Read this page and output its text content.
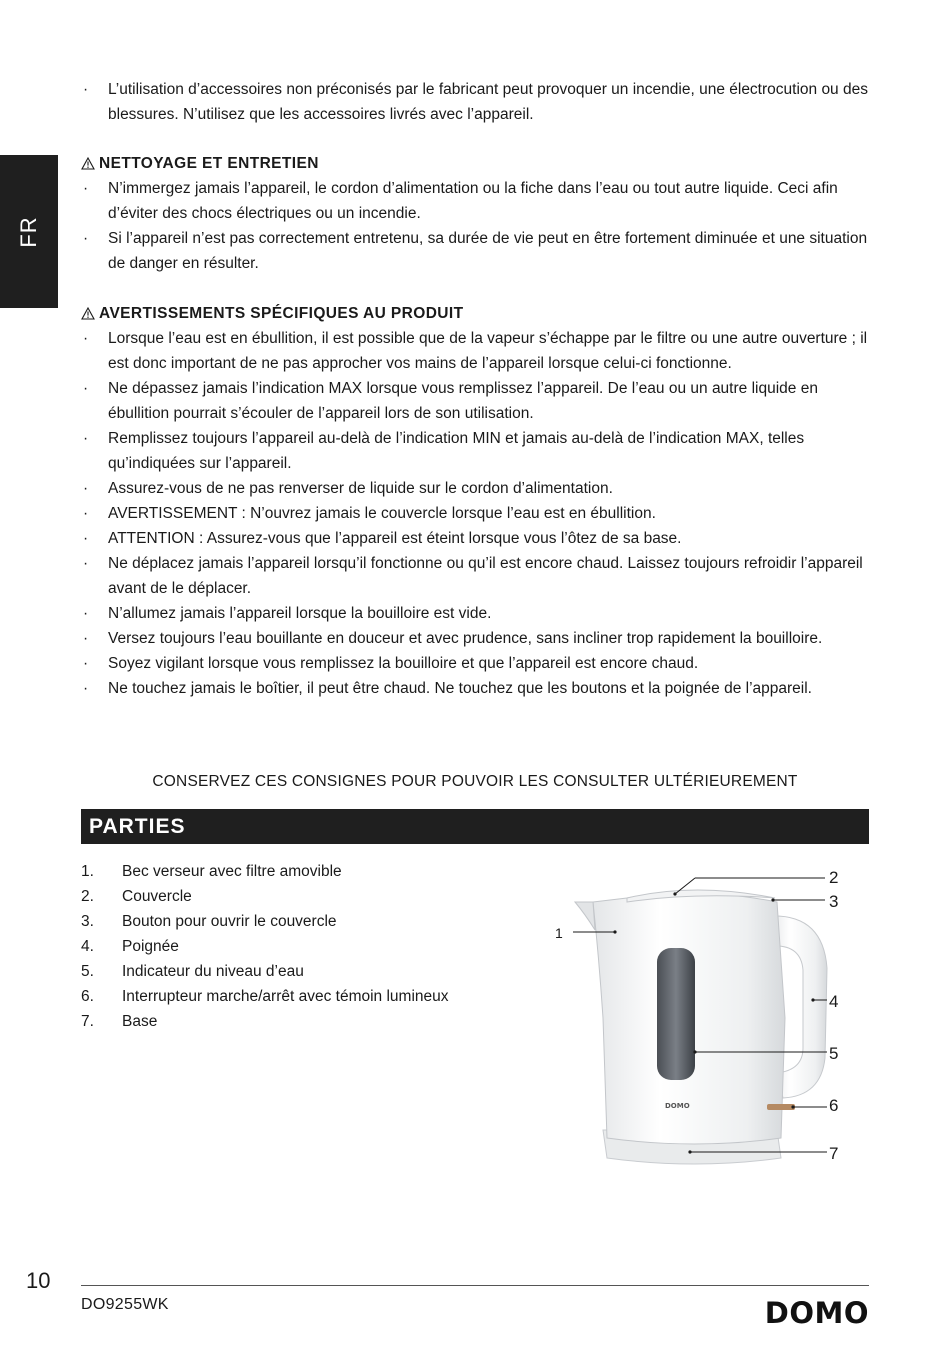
FR
· L’utilisation d’accessoires non préconisés par le fabricant peut provoquer un incendie, une électrocution ou des blessures. N’utilisez que les accessoires livrés avec l’appareil.
NETTOYAGE ET ENTRETIEN
· N’immergez jamais l’appareil, le cordon d’alimentation ou la fiche dans l’eau ou tout autre liquide. Ceci afin d’éviter des chocs électriques ou un incendie.
· Si l’appareil n’est pas correctement entretenu, sa durée de vie peut en être fortement diminuée et une situation de danger en résulter.
AVERTISSEMENTS SPÉCIFIQUES AU PRODUIT
· Lorsque l’eau est en ébullition, il est possible que de la vapeur s’échappe par le filtre ou une autre ouverture ; il est donc important de ne pas approcher vos mains de l’appareil lorsque celui-ci fonctionne.
· Ne dépassez jamais l’indication MAX lorsque vous remplissez l’appareil. De l’eau ou un autre liquide en ébullition pourrait s’écouler de l’appareil lors de son utilisation.
· Remplissez toujours l’appareil au-delà de l’indication MIN et jamais au-delà de l’indication MAX, telles qu’indiquées sur l’appareil.
· Assurez-vous de ne pas renverser de liquide sur le cordon d’alimentation.
· AVERTISSEMENT : N’ouvrez jamais le couvercle lorsque l’eau est en ébullition.
· ATTENTION : Assurez-vous que l’appareil est éteint lorsque vous l’ôtez de sa base.
· Ne déplacez jamais l’appareil lorsqu’il fonctionne ou qu’il est encore chaud. Laissez toujours refroidir l’appareil avant de le déplacer.
· N’allumez jamais l’appareil lorsque la bouilloire est vide.
· Versez toujours l’eau bouillante en douceur et avec prudence, sans incliner trop rapidement la bouilloire.
· Soyez vigilant lorsque vous remplissez la bouilloire et que l’appareil est encore chaud.
· Ne touchez jamais le boîtier, il peut être chaud. Ne touchez que les boutons et la poignée de l’appareil.
CONSERVEZ CES CONSIGNES POUR POUVOIR LES CONSULTER ULTÉRIEUREMENT
PARTIES
1.	Bec verseur avec filtre amovible
2.	Couvercle
3.	Bouton pour ouvrir le couvercle
4.	Poignée
5.	Indicateur du niveau d’eau
6.	Interrupteur marche/arrêt avec témoin lumineux
7.	Base
DOMO
1
2
3
4
5
6
7
10
DO9255WK	DOMO
